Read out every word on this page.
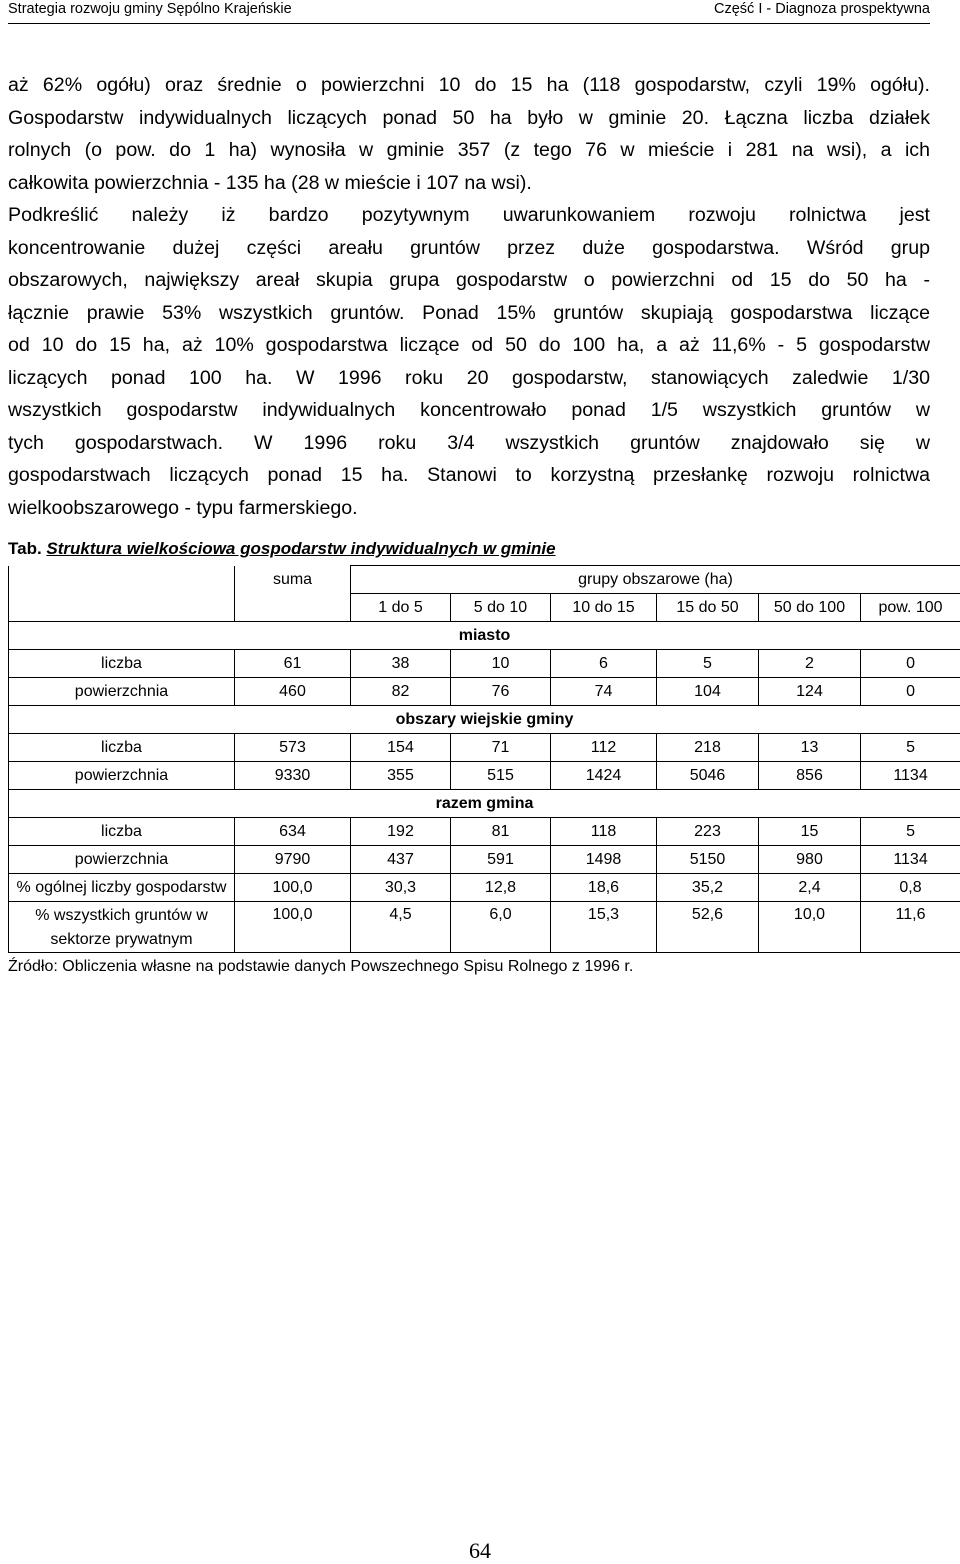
Strategia rozwoju gminy Sępólno Krajeńskie	Część I - Diagnoza prospektywna
aż 62% ogółu) oraz średnie o powierzchni 10 do 15 ha (118 gospodarstw, czyli 19% ogółu).
Gospodarstw indywidualnych liczących ponad 50 ha było w gminie 20. Łączna liczba działek
rolnych (o pow. do 1 ha) wynosiła w gminie 357 (z tego 76 w mieście i 281 na wsi), a ich
całkowita powierzchnia - 135 ha (28 w mieście i 107 na wsi).
Podkreślić należy iż bardzo pozytywnym uwarunkowaniem rozwoju rolnictwa jest
koncentrowanie dużej części areału gruntów przez duże gospodarstwa. Wśród grup
obszarowych, największy areał skupia grupa gospodarstw o powierzchni od 15 do 50 ha -
łącznie prawie 53% wszystkich gruntów. Ponad 15% gruntów skupiają gospodarstwa liczące
od 10 do 15 ha, aż 10% gospodarstwa liczące od 50 do 100 ha, a aż 11,6% - 5 gospodarstw
liczących ponad 100 ha. W 1996 roku 20 gospodarstw, stanowiących zaledwie 1/30
wszystkich gospodarstw indywidualnych koncentrowało ponad 1/5 wszystkich gruntów w
tych gospodarstwach. W 1996 roku 3/4 wszystkich gruntów znajdowało się w
gospodarstwach liczących ponad 15 ha. Stanowi to korzystną przesłankę rozwoju rolnictwa
wielkoobszarowego - typu farmerskiego.
Tab. Struktura wielkościowa gospodarstw indywidualnych w gminie
	suma	grupy obszarowe (ha)					
		1 do 5	5 do 10	10 do 15	15 do 50	50 do 100	pow. 100
miasto							
liczba	61	38	10	6	5	2	0
powierzchnia	460	82	76	74	104	124	0
obszary wiejskie gminy							
liczba	573	154	71	112	218	13	5
powierzchnia	9330	355	515	1424	5046	856	1134
razem gmina							
liczba	634	192	81	118	223	15	5
powierzchnia	9790	437	591	1498	5150	980	1134
% ogólnej liczby gospodarstw	100,0	30,3	12,8	18,6	35,2	2,4	0,8
% wszystkich gruntów w sektorze prywatnym	100,0	4,5	6,0	15,3	52,6	10,0	11,6
Źródło: Obliczenia własne na podstawie danych Powszechnego Spisu Rolnego z 1996 r.
64
